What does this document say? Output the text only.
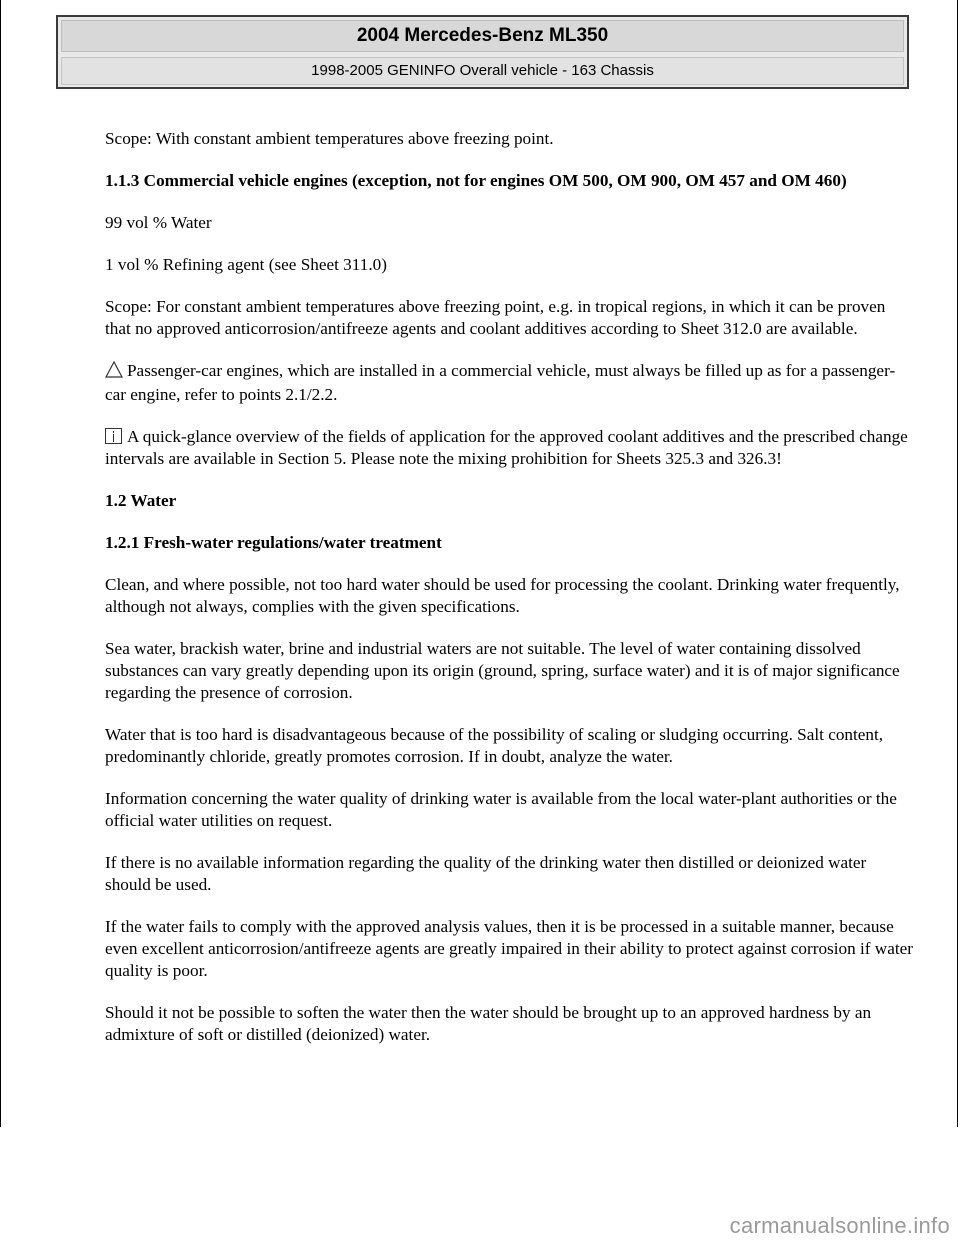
2004 Mercedes-Benz ML350
1998-2005 GENINFO Overall vehicle - 163 Chassis

Scope: With constant ambient temperatures above freezing point.

1.1.3 Commercial vehicle engines (exception, not for engines OM 500, OM 900, OM 457 and OM 460)

99 vol % Water

1 vol % Refining agent (see Sheet 311.0)

Scope: For constant ambient temperatures above freezing point, e.g. in tropical regions, in which it can be proven that no approved anticorrosion/antifreeze agents and coolant additives according to Sheet 312.0 are available.

Passenger-car engines, which are installed in a commercial vehicle, must always be filled up as for a passenger-car engine, refer to points 2.1/2.2.

A quick-glance overview of the fields of application for the approved coolant additives and the prescribed change intervals are available in Section 5. Please note the mixing prohibition for Sheets 325.3 and 326.3!

1.2 Water

1.2.1 Fresh-water regulations/water treatment

Clean, and where possible, not too hard water should be used for processing the coolant. Drinking water frequently, although not always, complies with the given specifications.

Sea water, brackish water, brine and industrial waters are not suitable. The level of water containing dissolved substances can vary greatly depending upon its origin (ground, spring, surface water) and it is of major significance regarding the presence of corrosion.

Water that is too hard is disadvantageous because of the possibility of scaling or sludging occurring. Salt content, predominantly chloride, greatly promotes corrosion. If in doubt, analyze the water.

Information concerning the water quality of drinking water is available from the local water-plant authorities or the official water utilities on request.

If there is no available information regarding the quality of the drinking water then distilled or deionized water should be used.

If the water fails to comply with the approved analysis values, then it is be processed in a suitable manner, because even excellent anticorrosion/antifreeze agents are greatly impaired in their ability to protect against corrosion if water quality is poor.

Should it not be possible to soften the water then the water should be brought up to an approved hardness by an admixture of soft or distilled (deionized) water.

carmanualsonline.info
